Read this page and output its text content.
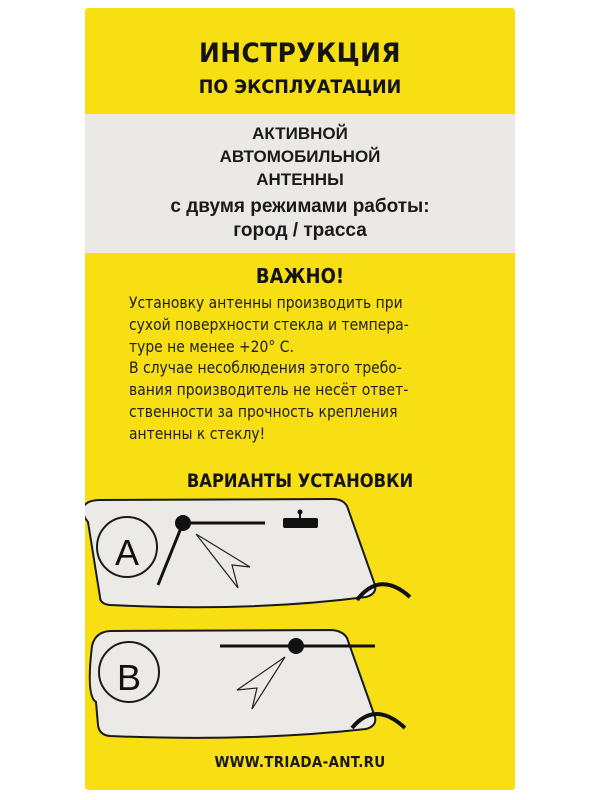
ИНСТРУКЦИЯ
ПО ЭКСПЛУАТАЦИИ
АКТИВНОЙ
АВТОМОБИЛЬНОЙ
АНТЕННЫ
с двумя режимами работы:
город / трасса
ВАЖНО!
Установку антенны производить при
сухой поверхности стекла и темпера-
туре не менее +20° С.
В случае несоблюдения этого требо-
вания производитель не несёт ответ-
ственности за прочность крепления
антенны к стеклу!
ВАРИАНТЫ УСТАНОВКИ
A
B
WWW.TRIADA-ANT.RU
